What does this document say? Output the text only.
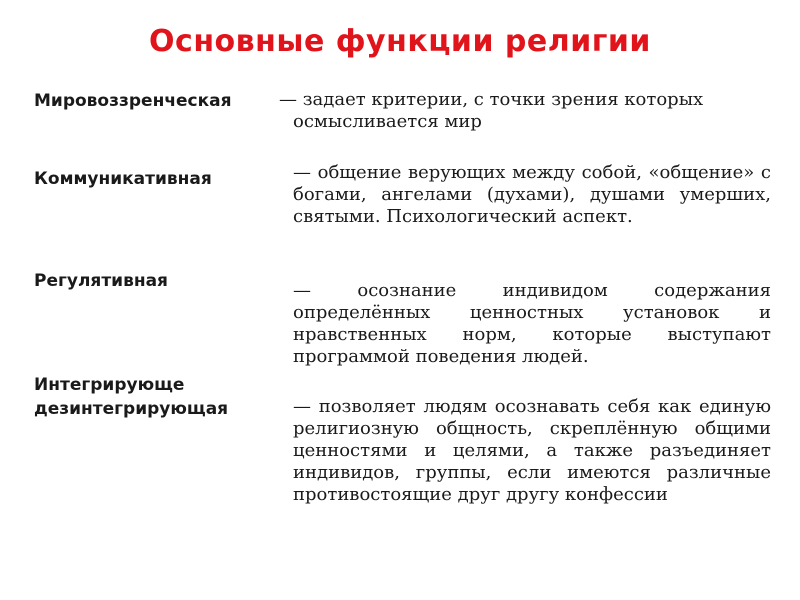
Основные функции религии
Мировоззренческая	— задает критерии, с точки зрения которых
осмысливается мир
Коммуникативная	— общение верующих между собой, «общение» с богами, ангелами (духами), душами умерших, святыми. Психологический аспект.
Регулятивная	— осознание индивидом содержания определённых ценностных установок и нравственных норм, которые выступают программой поведения людей.
Интегрирующе
дезинтегрирующая	— позволяет людям осознавать себя как единую религиозную общность, скреплённую общими ценностями и целями, а также разъединяет индивидов, группы, если имеются различные противостоящие друг другу конфессии
